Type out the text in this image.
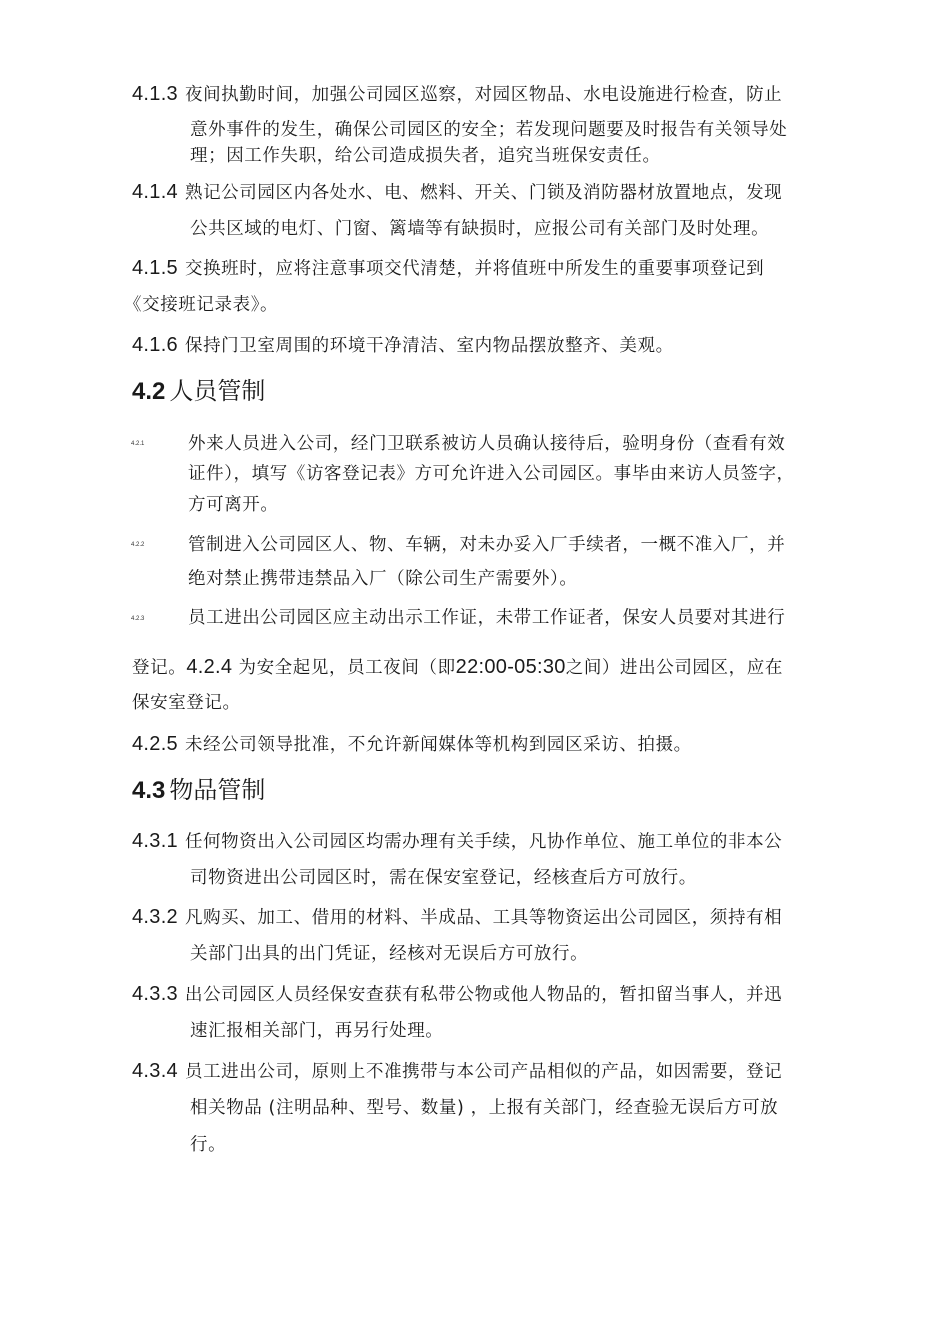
4.1.3 夜间执勤时间，加强公司园区巡察，对园区物品、水电设施进行检查，防止
意外事件的发生，确保公司园区的安全；若发现问题要及时报告有关领导处
理；因工作失职，给公司造成损失者，追究当班保安责任。
4.1.4 熟记公司园区内各处水、电、燃料、开关、门锁及消防器材放置地点，发现
公共区域的电灯、门窗、篱墙等有缺损时，应报公司有关部门及时处理。
4.1.5 交换班时，应将注意事项交代清楚，并将值班中所发生的重要事项登记到
《交接班记录表》。
4.1.6 保持门卫室周围的环境干净清洁、室内物品摆放整齐、美观。
4.2 人员管制
4.2.1 外来人员进入公司，经门卫联系被访人员确认接待后，验明身份（查看有效
证件），填写《访客登记表》方可允许进入公司园区。事毕由来访人员签字，
方可离开。
4.2.2 管制进入公司园区人、物、车辆，对未办妥入厂手续者，一概不准入厂，并
绝对禁止携带违禁品入厂（除公司生产需要外）。
4.2.3 员工进出公司园区应主动出示工作证，未带工作证者，保安人员要对其进行
登记。4.2.4 为安全起见，员工夜间（即22:00-05:30之间）进出公司园区，应在
保安室登记。
4.2.5 未经公司领导批准，不允许新闻媒体等机构到园区采访、拍摄。
4.3 物品管制
4.3.1 任何物资出入公司园区均需办理有关手续，凡协作单位、施工单位的非本公
司物资进出公司园区时，需在保安室登记，经核查后方可放行。
4.3.2 凡购买、加工、借用的材料、半成品、工具等物资运出公司园区，须持有相
关部门出具的出门凭证，经核对无误后方可放行。
4.3.3 出公司园区人员经保安查获有私带公物或他人物品的，暂扣留当事人，并迅
速汇报相关部门，再另行处理。
4.3.4 员工进出公司，原则上不准携带与本公司产品相似的产品，如因需要，登记
相关物品 (注明品种、型号、数量) ，上报有关部门，经查验无误后方可放
行。
